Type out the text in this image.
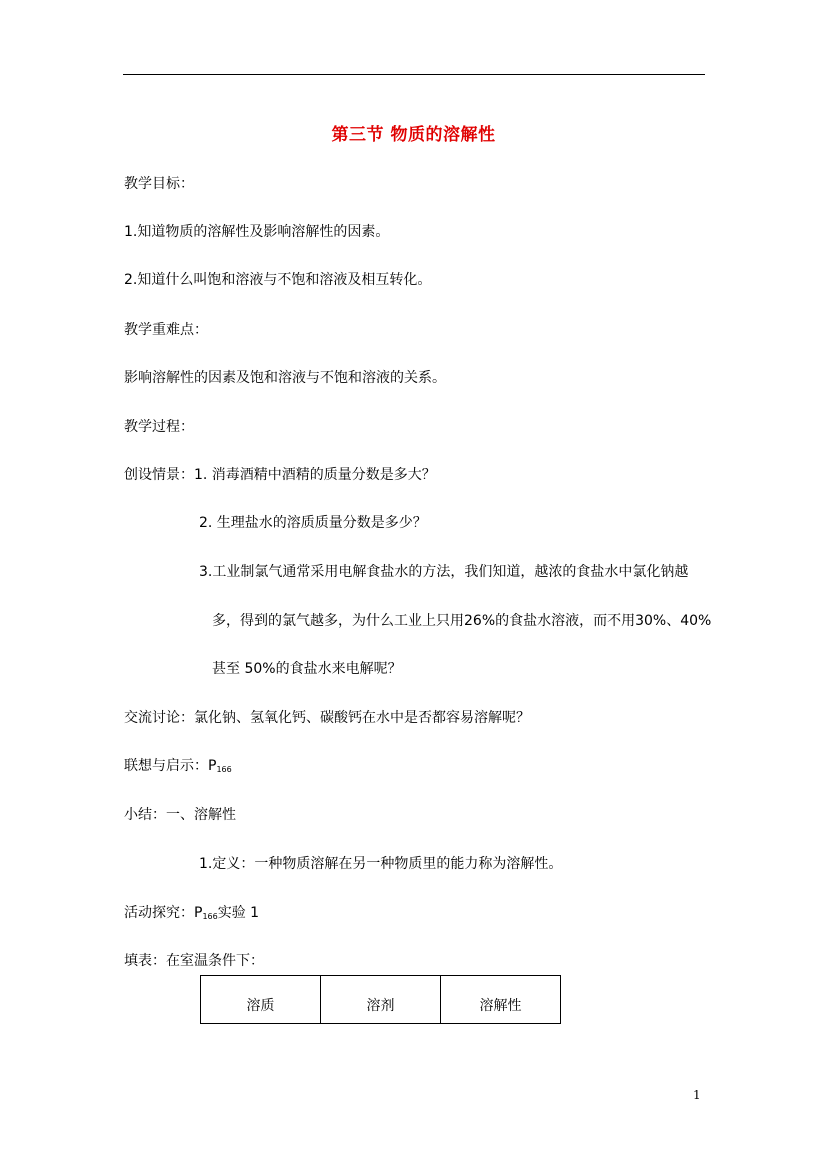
第三节 物质的溶解性
教学目标：
1.知道物质的溶解性及影响溶解性的因素。
2.知道什么叫饱和溶液与不饱和溶液及相互转化。
教学重难点：
影响溶解性的因素及饱和溶液与不饱和溶液的关系。
教学过程：
创设情景：1. 消毒酒精中酒精的质量分数是多大？
2. 生理盐水的溶质质量分数是多少？
3.工业制氯气通常采用电解食盐水的方法，我们知道，越浓的食盐水中氯化钠越
多，得到的氯气越多，为什么工业上只用26%的食盐水溶液，而不用30%、40%
甚至 50%的食盐水来电解呢？
交流讨论：氯化钠、氢氧化钙、碳酸钙在水中是否都容易溶解呢？
联想与启示：$P_{166}$
小结：一、溶解性
1.定义：一种物质溶解在另一种物质里的能力称为溶解性。
活动探究：$P_{166}$实验 1
填表：在室温条件下：
溶质	溶剂	溶解性
1
